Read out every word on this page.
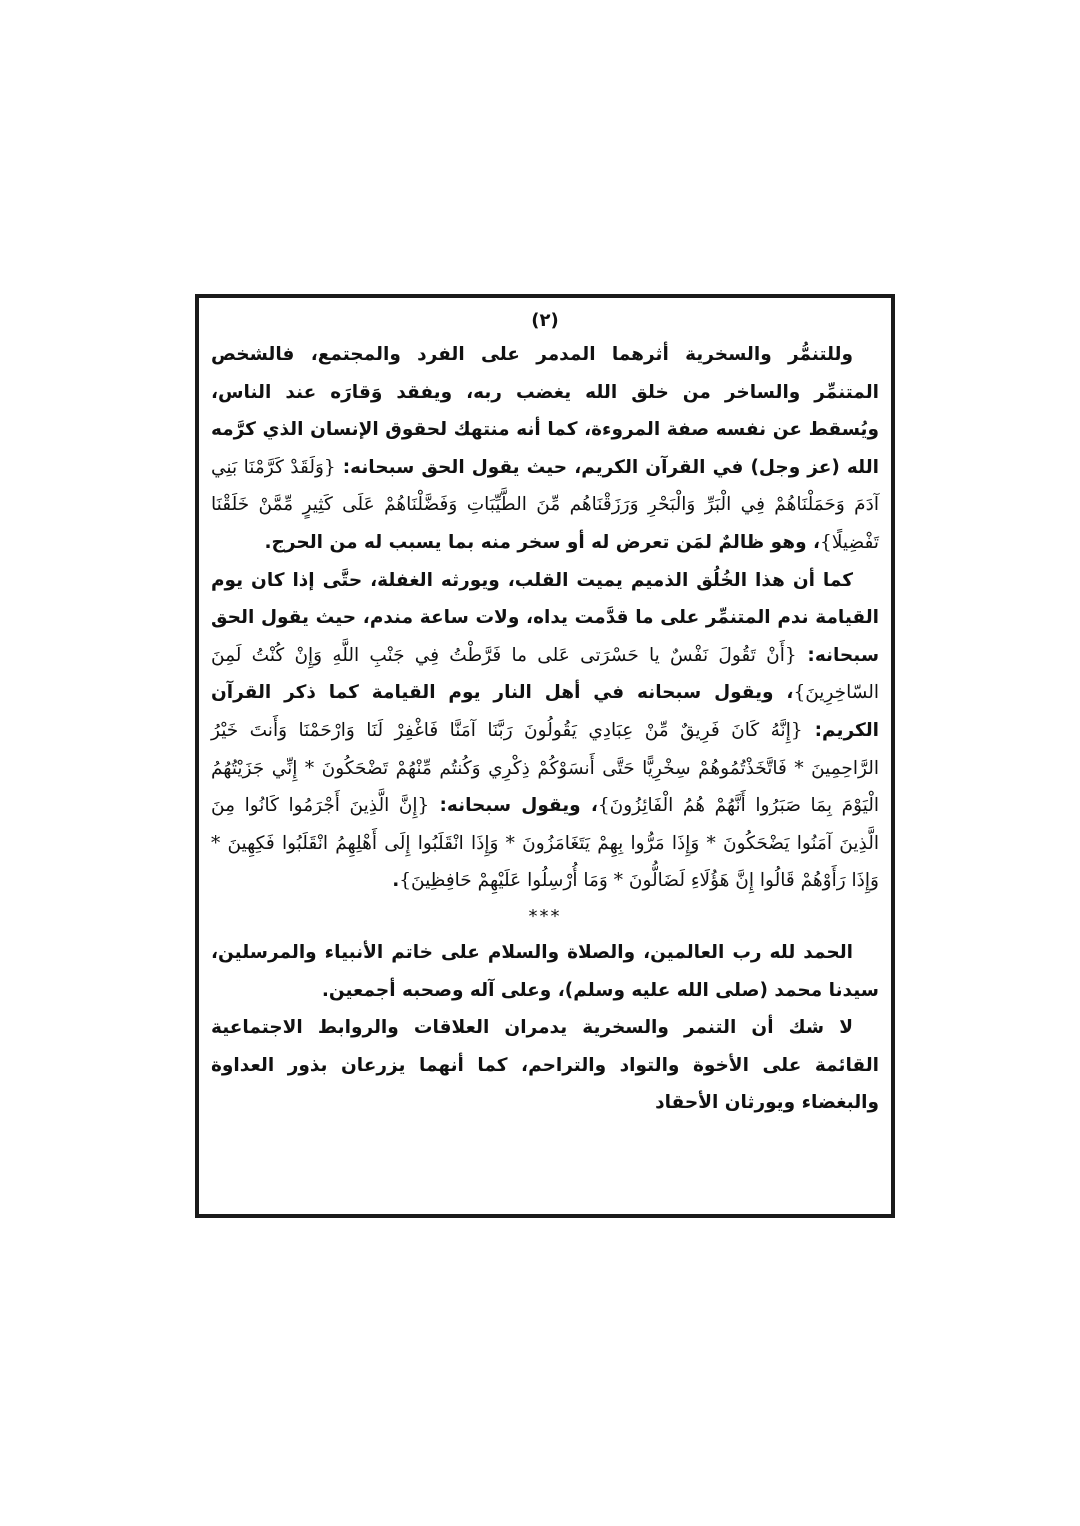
(٢)

وللتنمُّر والسخرية أثرهما المدمر على الفرد والمجتمع، فالشخص المتنمِّر والساخر من خلق الله يغضب ربه، ويفقد وَقارَه عند الناس، ويُسقط عن نفسه صفة المروءة، كما أنه منتهك لحقوق الإنسان الذي كرَّمه الله (عز وجل) في القرآن الكريم، حيث يقول الحق سبحانه: {وَلَقَدْ كَرَّمْنَا بَنِي آدَمَ وَحَمَلْنَاهُمْ فِي الْبَرِّ وَالْبَحْرِ وَرَزَقْنَاهُم مِّنَ الطَّيِّبَاتِ وَفَضَّلْنَاهُمْ عَلَى كَثِيرٍ مِّمَّنْ خَلَقْنَا تَفْضِيلًا}، وهو ظالمٌ لمَن تعرض له أو سخر منه بما يسبب له من الحرج.

كما أن هذا الخُلُق الذميم يميت القلب، ويورثه الغفلة، حتَّى إذا كان يوم القيامة ندم المتنمِّر على ما قدَّمت يداه، ولات ساعة مندم، حيث يقول الحق سبحانه: {أَنْ تَقُولَ نَفْسٌ يا حَسْرَتى عَلى ما فَرَّطْتُ فِي جَنْبِ اللَّهِ وَإِنْ كُنْتُ لَمِنَ السّاخِرِينَ}، ويقول سبحانه في أهل النار يوم القيامة كما ذكر القرآن الكريم: {إِنَّهُ كَانَ فَرِيقٌ مِّنْ عِبَادِي يَقُولُونَ رَبَّنَا آمَنَّا فَاغْفِرْ لَنَا وَارْحَمْنَا وَأَنتَ خَيْرُ الرَّاحِمِينَ * فَاتَّخَذْتُمُوهُمْ سِخْرِيًّا حَتَّى أَنسَوْكُمْ ذِكْرِي وَكُنتُم مِّنْهُمْ تَضْحَكُونَ * إِنِّي جَزَيْتُهُمُ الْيَوْمَ بِمَا صَبَرُوا أَنَّهُمْ هُمُ الْفَائِزُونَ}، ويقول سبحانه: {إِنَّ الَّذِينَ أَجْرَمُوا كَانُوا مِنَ الَّذِينَ آمَنُوا يَضْحَكُونَ * وَإِذَا مَرُّوا بِهِمْ يَتَغَامَزُونَ * وَإِذَا انْقَلَبُوا إِلَى أَهْلِهِمُ انْقَلَبُوا فَكِهِينَ * وَإِذَا رَأَوْهُمْ قَالُوا إِنَّ هَؤُلَاءِ لَضَالُّونَ * وَمَا أُرْسِلُوا عَلَيْهِمْ حَافِظِينَ}.

***

الحمد لله رب العالمين، والصلاة والسلام على خاتم الأنبياء والمرسلين، سيدنا محمد (صلى الله عليه وسلم)، وعلى آله وصحبه أجمعين.

لا شك أن التنمر والسخرية يدمران العلاقات والروابط الاجتماعية القائمة على الأخوة والتواد والتراحم، كما أنهما يزرعان بذور العداوة والبغضاء ويورثان الأحقاد
